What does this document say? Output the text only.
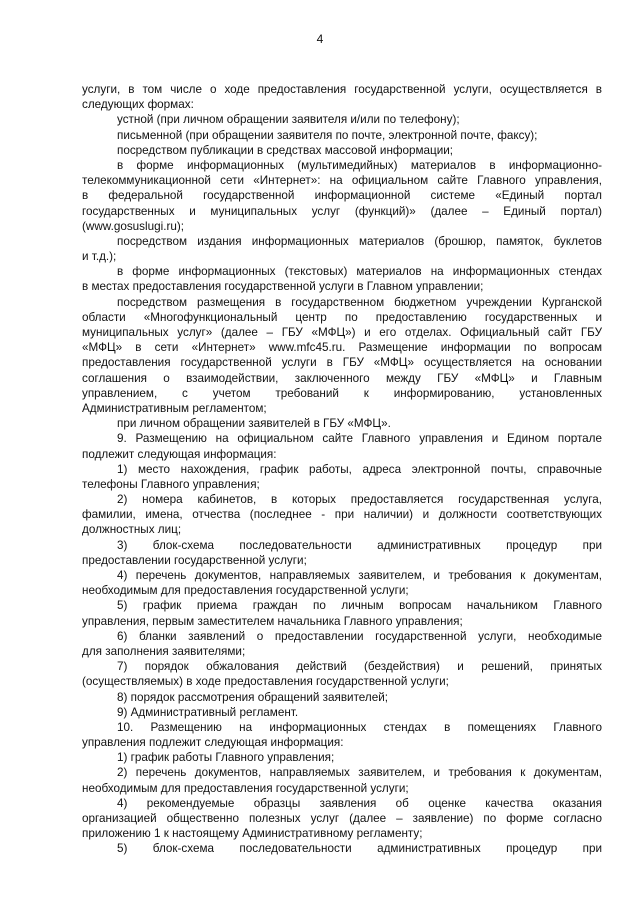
4
услуги, в том числе о ходе предоставления государственной услуги, осуществляется в
следующих формах:
устной (при личном обращении заявителя и/или по телефону);
письменной (при обращении заявителя по почте, электронной почте, факсу);
посредством публикации в средствах массовой информации;
в форме информационных (мультимедийных) материалов в информационно-
телекоммуникационной сети «Интернет»: на официальном сайте Главного управления,
в федеральной государственной информационной системе «Единый портал
государственных и муниципальных услуг (функций)» (далее – Единый портал)
(www.gosuslugi.ru);
посредством издания информационных материалов (брошюр, памяток, буклетов
и т.д.);
в форме информационных (текстовых) материалов на информационных стендах
в местах предоставления государственной услуги в Главном управлении;
посредством размещения в государственном бюджетном учреждении Курганской
области «Многофункциональный центр по предоставлению государственных и
муниципальных услуг» (далее – ГБУ «МФЦ») и его отделах. Официальный сайт ГБУ
«МФЦ» в сети «Интернет» www.mfc45.ru. Размещение информации по вопросам
предоставления государственной услуги в ГБУ «МФЦ» осуществляется на основании
соглашения о взаимодействии, заключенного между ГБУ «МФЦ» и Главным
управлением, с учетом требований к информированию, установленных
Административным регламентом;
при личном обращении заявителей в ГБУ «МФЦ».
9. Размещению на официальном сайте Главного управления и Едином портале
подлежит следующая информация:
1) место нахождения, график работы, адреса электронной почты, справочные
телефоны Главного управления;
2) номера кабинетов, в которых предоставляется государственная услуга,
фамилии, имена, отчества (последнее - при наличии) и должности соответствующих
должностных лиц;
3) блок-схема последовательности административных процедур при
предоставлении государственной услуги;
4) перечень документов, направляемых заявителем, и требования к документам,
необходимым для предоставления государственной услуги;
5) график приема граждан по личным вопросам начальником Главного
управления, первым заместителем начальника Главного управления;
6) бланки заявлений о предоставлении государственной услуги, необходимые
для заполнения заявителями;
7) порядок обжалования действий (бездействия) и решений, принятых
(осуществляемых) в ходе предоставления государственной услуги;
8) порядок рассмотрения обращений заявителей;
9) Административный регламент.
10. Размещению на информационных стендах в помещениях Главного
управления подлежит следующая информация:
1) график работы Главного управления;
2) перечень документов, направляемых заявителем, и требования к документам,
необходимым для предоставления государственной услуги;
4) рекомендуемые образцы заявления об оценке качества оказания
организацией общественно полезных услуг (далее – заявление) по форме согласно
приложению 1 к настоящему Административному регламенту;
5) блок-схема последовательности административных процедур при
